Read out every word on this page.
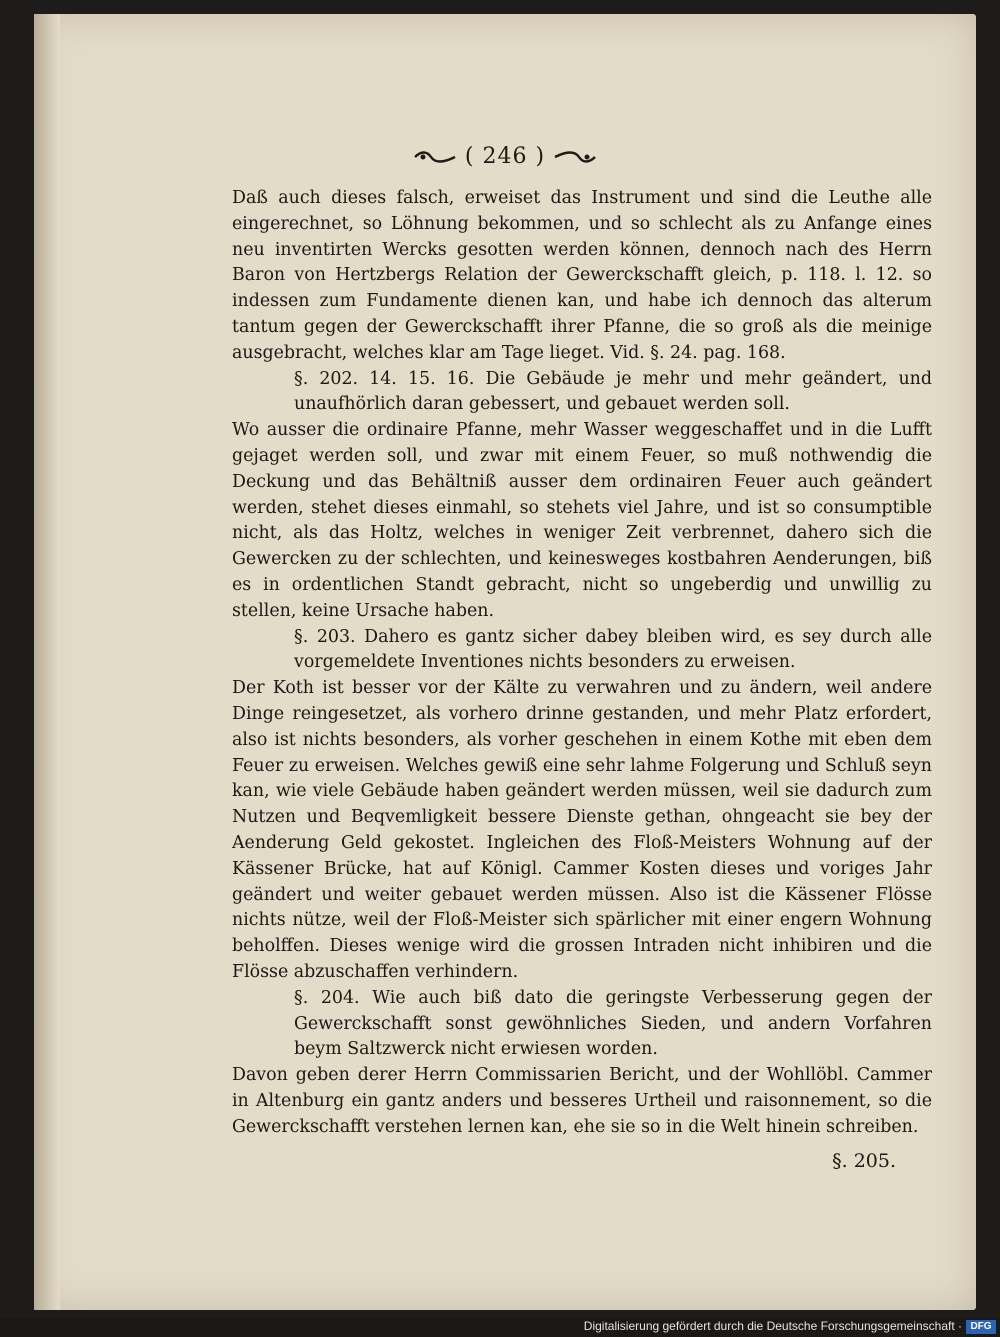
( 246 )

Daß auch dieses falsch, erweiset das Instrument und sind die Leuthe alle eingerechnet, so Löhnung bekommen, und so schlecht als zu Anfange eines neu inventirten Wercks gesotten werden können, dennoch nach des Herrn Baron von Hertzbergs Relation der Gewerckschafft gleich, p. 118. l. 12. so indessen zum Fundamente dienen kan, und habe ich dennoch das alterum tantum gegen der Gewerckschafft ihrer Pfanne, die so groß als die meinige ausgebracht, welches klar am Tage lieget. Vid. §. 24. pag. 168.

§. 202. 14. 15. 16. Die Gebäude je mehr und mehr geändert, und unaufhörlich daran gebessert, und gebauet werden soll.

Wo ausser die ordinaire Pfanne, mehr Wasser weggeschaffet und in die Lufft gejaget werden soll, und zwar mit einem Feuer, so muß nothwendig die Deckung und das Behältniß ausser dem ordinairen Feuer auch geändert werden, stehet dieses einmahl, so stehets viel Jahre, und ist so consumptible nicht, als das Holtz, welches in weniger Zeit verbrennet, dahero sich die Gewercken zu der schlechten, und keinesweges kostbahren Aenderungen, biß es in ordentlichen Standt gebracht, nicht so ungeberdig und unwillig zu stellen, keine Ursache haben.

§. 203. Dahero es gantz sicher dabey bleiben wird, es sey durch alle vorgemeldete Inventiones nichts besonders zu erweisen.

Der Koth ist besser vor der Kälte zu verwahren und zu ändern, weil andere Dinge reingesetzet, als vorhero drinne gestanden, und mehr Platz erfordert, also ist nichts besonders, als vorher geschehen in einem Kothe mit eben dem Feuer zu erweisen. Welches gewiß eine sehr lahme Folgerung und Schluß seyn kan, wie viele Gebäude haben geändert werden müssen, weil sie dadurch zum Nutzen und Beqvemligkeit bessere Dienste gethan, ohngeacht sie bey der Aenderung Geld gekostet. Ingleichen des Floß-Meisters Wohnung auf der Kässener Brücke, hat auf Königl. Cammer Kosten dieses und voriges Jahr geändert und weiter gebauet werden müssen. Also ist die Kässener Flösse nichts nütze, weil der Floß-Meister sich spärlicher mit einer engern Wohnung beholffen. Dieses wenige wird die grossen Intraden nicht inhibiren und die Flösse abzuschaffen verhindern.

§. 204. Wie auch biß dato die geringste Verbesserung gegen der Gewerckschafft sonst gewöhnliches Sieden, und andern Vorfahren beym Saltzwerck nicht erwiesen worden.

Davon geben derer Herrn Commissarien Bericht, und der Wohllöbl. Cammer in Altenburg ein gantz anders und besseres Urtheil und raisonnement, so die Gewerckschafft verstehen lernen kan, ehe sie so in die Welt hinein schreiben.

§. 205.
Digitalisierung gefördert durch die Deutsche Forschungsgemeinschaft · DFG
